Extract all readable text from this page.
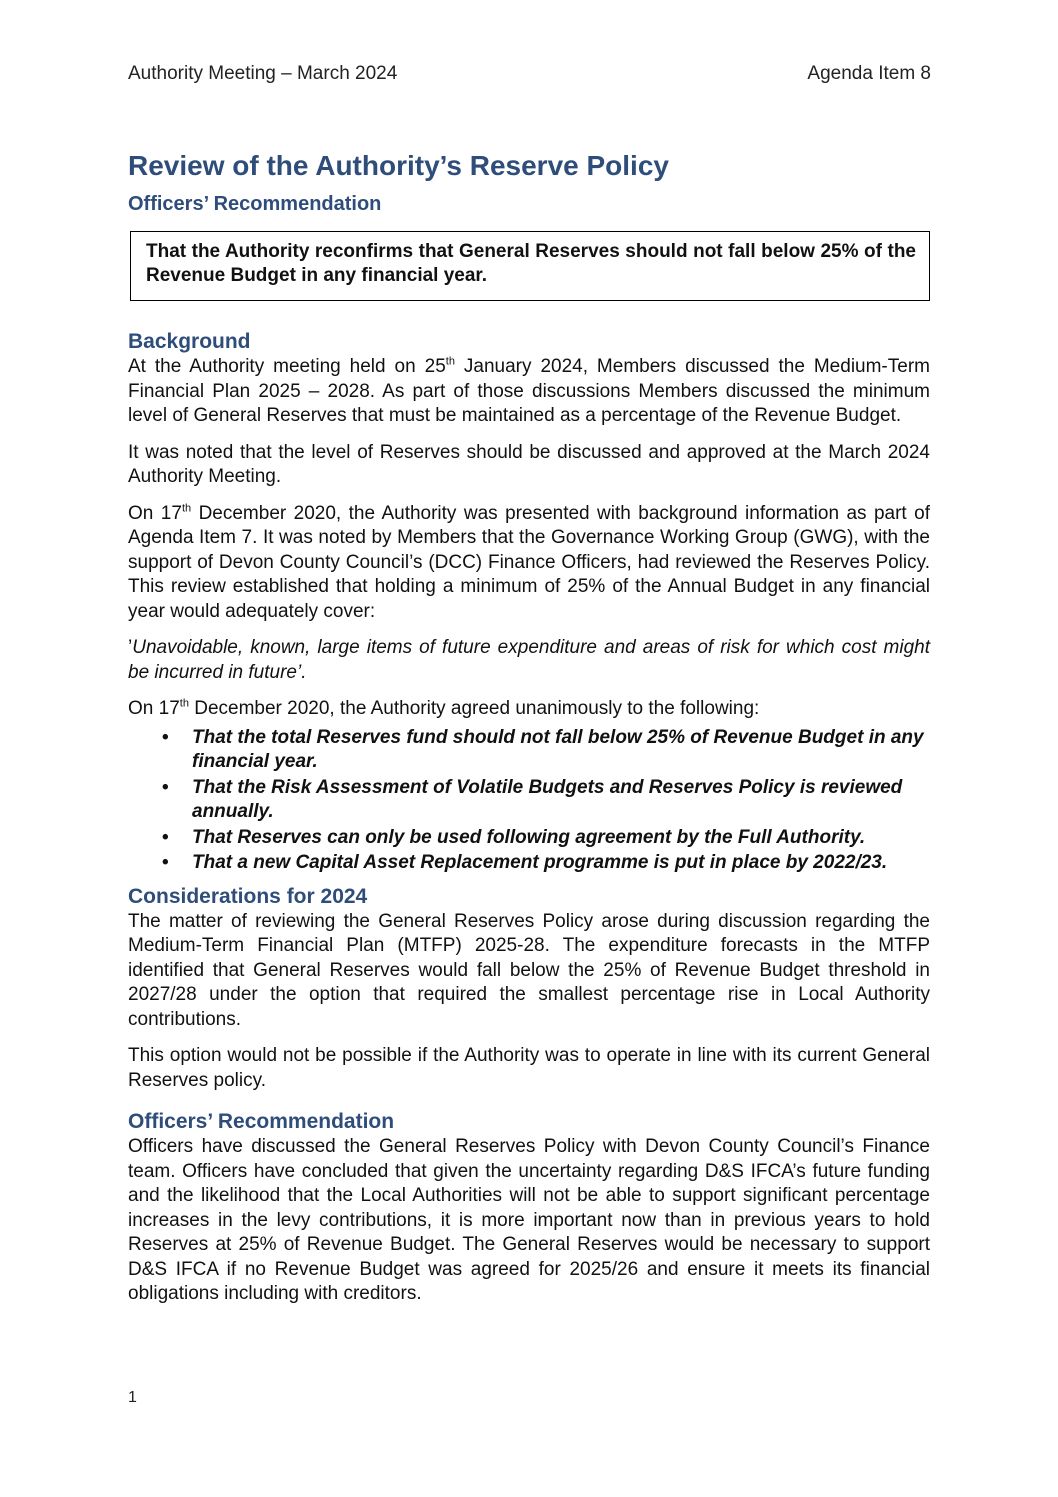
Authority Meeting – March 2024	Agenda Item 8
Review of the Authority’s Reserve Policy
Officers’ Recommendation
That the Authority reconfirms that General Reserves should not fall below 25% of the Revenue Budget in any financial year.
Background

At the Authority meeting held on 25th January 2024, Members discussed the Medium-Term Financial Plan 2025 – 2028. As part of those discussions Members discussed the minimum level of General Reserves that must be maintained as a percentage of the Revenue Budget.

It was noted that the level of Reserves should be discussed and approved at the March 2024 Authority Meeting.

On 17th December 2020, the Authority was presented with background information as part of Agenda Item 7. It was noted by Members that the Governance Working Group (GWG), with the support of Devon County Council’s (DCC) Finance Officers, had reviewed the Reserves Policy. This review established that holding a minimum of 25% of the Annual Budget in any financial year would adequately cover:

’Unavoidable, known, large items of future expenditure and areas of risk for which cost might be incurred in future’.

On 17th December 2020, the Authority agreed unanimously to the following:

• That the total Reserves fund should not fall below 25% of Revenue Budget in any financial year.
• That the Risk Assessment of Volatile Budgets and Reserves Policy is reviewed annually.
• That Reserves can only be used following agreement by the Full Authority.
• That a new Capital Asset Replacement programme is put in place by 2022/23.
Considerations for 2024

The matter of reviewing the General Reserves Policy arose during discussion regarding the Medium-Term Financial Plan (MTFP) 2025-28. The expenditure forecasts in the MTFP identified that General Reserves would fall below the 25% of Revenue Budget threshold in 2027/28 under the option that required the smallest percentage rise in Local Authority contributions.

This option would not be possible if the Authority was to operate in line with its current General Reserves policy.

Officers’ Recommendation

Officers have discussed the General Reserves Policy with Devon County Council’s Finance team. Officers have concluded that given the uncertainty regarding D&S IFCA’s future funding and the likelihood that the Local Authorities will not be able to support significant percentage increases in the levy contributions, it is more important now than in previous years to hold Reserves at 25% of Revenue Budget. The General Reserves would be necessary to support D&S IFCA if no Revenue Budget was agreed for 2025/26 and ensure it meets its financial obligations including with creditors.

1
